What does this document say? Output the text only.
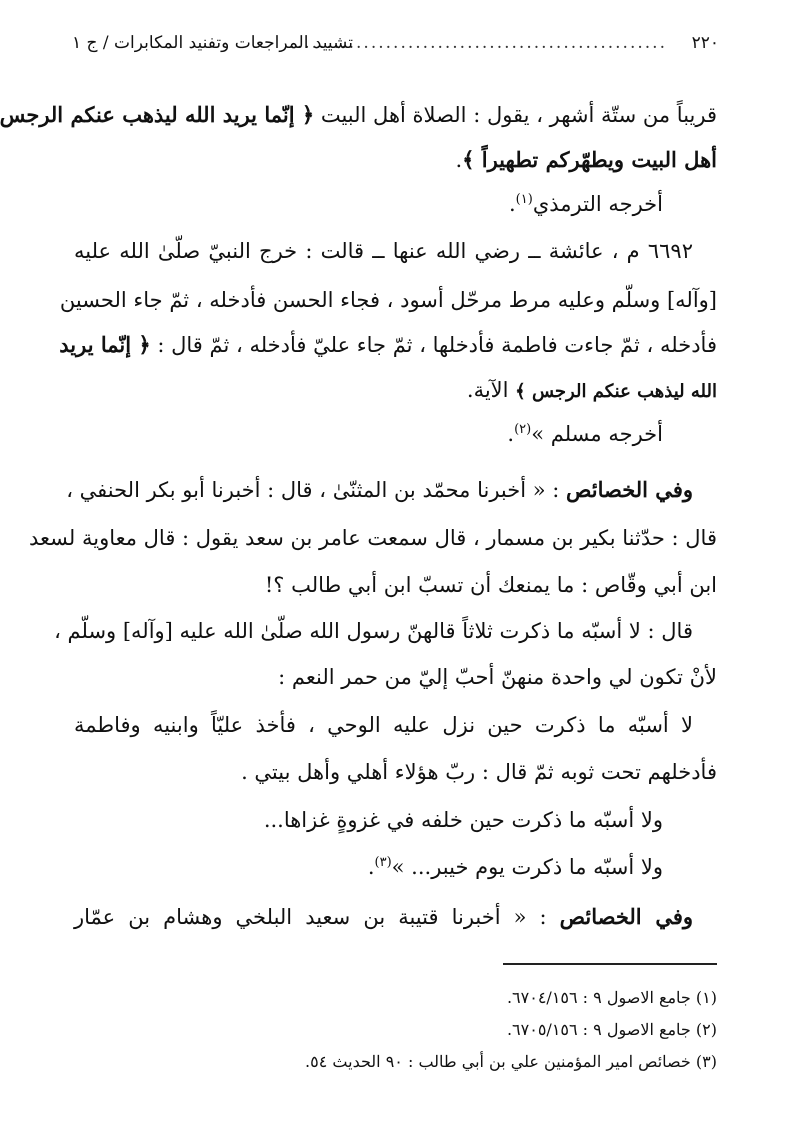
٢٢٠
...................................................
تشييد المراجعات وتفنيد المكابرات / ج ١
قريباً من ستّة أشهر ، يقول : الصلاة أهل البيت ﴿ إنّما يريد الله ليذهب عنكم الرجس
أهل البيت ويطهّركم تطهيراً ﴾.
أخرجه الترمذي$^{(١)}$.
٦٦٩٢ م ، عائشة ــ رضي الله عنها ــ قالت : خرج النبيّ صلّىٰ الله عليه
[وآله] وسلّم وعليه مرط مرحّل أسود ، فجاء الحسن فأدخله ، ثمّ جاء الحسين
فأدخله ، ثمّ جاءت فاطمة فأدخلها ، ثمّ جاء عليّ فأدخله ، ثمّ قال : ﴿ إنّما يريد
الله ليذهب عنكم الرجس ﴾ الآية.
أخرجه مسلم »$^{(٢)}$.
وفي الخصائص : « أخبرنا محمّد بن المثنّىٰ ، قال : أخبرنا أبو بكر الحنفي ،
قال : حدّثنا بكير بن مسمار ، قال سمعت عامر بن سعد يقول : قال معاوية لسعد
ابن أبي وقّاص : ما يمنعك أن تسبّ ابن أبي طالب ؟!
قال : لا أسبّه ما ذكرت ثلاثاً قالهنّ رسول الله صلّىٰ الله عليه [وآله] وسلّم ،
لأنْ تكون لي واحدة منهنّ أحبّ إليّ من حمر النعم :
لا أسبّه ما ذكرت حين نزل عليه الوحي ، فأخذ عليّاً وابنيه وفاطمة
فأدخلهم تحت ثوبه ثمّ قال : ربّ هؤلاء أهلي وأهل بيتي .
ولا أسبّه ما ذكرت حين خلفه في غزوةٍ غزاها...
ولا أسبّه ما ذكرت يوم خيبر... »$^{(٣)}$.
وفي الخصائص : « أخبرنا قتيبة بن سعيد البلخي وهشام بن عمّار
(١) جامع الاصول ٩ : ٦٧٠٤/١٥٦.
(٢) جامع الاصول ٩ : ٦٧٠٥/١٥٦.
(٣) خصائص امير المؤمنين علي بن أبي طالب : ٩٠ الحديث ٥٤.
